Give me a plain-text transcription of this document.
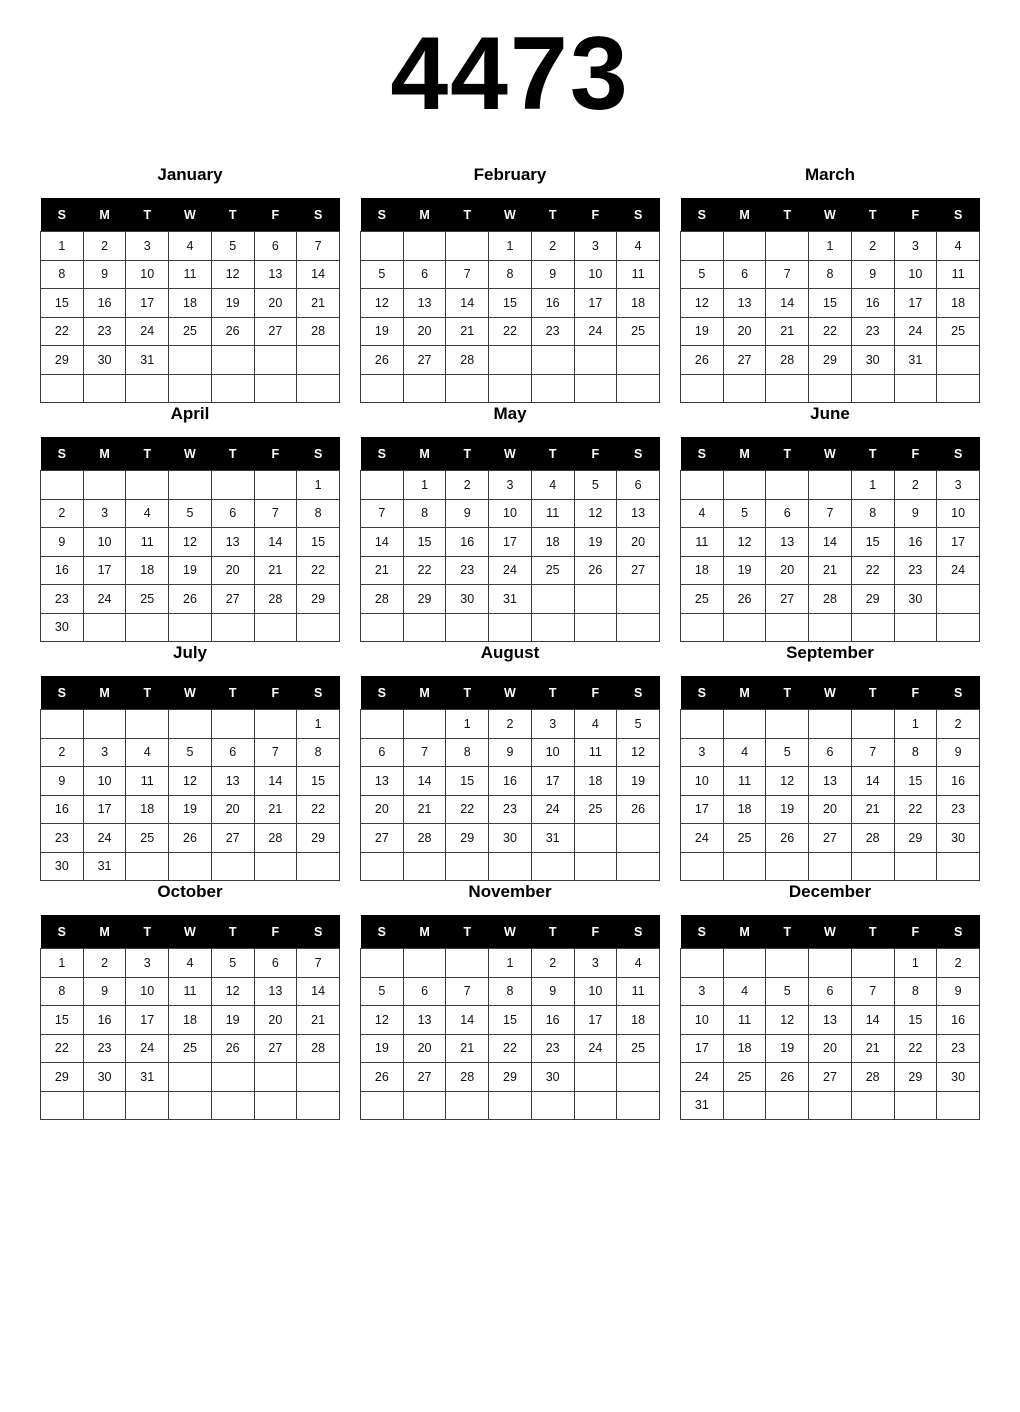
4473
January
S	M	T	W	T	F	S
1	2	3	4	5	6	7
8	9	10	11	12	13	14
15	16	17	18	19	20	21
22	23	24	25	26	27	28
29	30	31				

February
S	M	T	W	T	F	S
			1	2	3	4
5	6	7	8	9	10	11
12	13	14	15	16	17	18
19	20	21	22	23	24	25
26	27	28				

March
S	M	T	W	T	F	S
			1	2	3	4
5	6	7	8	9	10	11
12	13	14	15	16	17	18
19	20	21	22	23	24	25
26	27	28	29	30	31	

April
S	M	T	W	T	F	S
						1
2	3	4	5	6	7	8
9	10	11	12	13	14	15
16	17	18	19	20	21	22
23	24	25	26	27	28	29
30						
May
S	M	T	W	T	F	S
	1	2	3	4	5	6
7	8	9	10	11	12	13
14	15	16	17	18	19	20
21	22	23	24	25	26	27
28	29	30	31			

June
S	M	T	W	T	F	S
				1	2	3
4	5	6	7	8	9	10
11	12	13	14	15	16	17
18	19	20	21	22	23	24
25	26	27	28	29	30	

July
S	M	T	W	T	F	S
						1
2	3	4	5	6	7	8
9	10	11	12	13	14	15
16	17	18	19	20	21	22
23	24	25	26	27	28	29
30	31					
August
S	M	T	W	T	F	S
		1	2	3	4	5
6	7	8	9	10	11	12
13	14	15	16	17	18	19
20	21	22	23	24	25	26
27	28	29	30	31		

September
S	M	T	W	T	F	S
					1	2
3	4	5	6	7	8	9
10	11	12	13	14	15	16
17	18	19	20	21	22	23
24	25	26	27	28	29	30

October
S	M	T	W	T	F	S
1	2	3	4	5	6	7
8	9	10	11	12	13	14
15	16	17	18	19	20	21
22	23	24	25	26	27	28
29	30	31				

November
S	M	T	W	T	F	S
			1	2	3	4
5	6	7	8	9	10	11
12	13	14	15	16	17	18
19	20	21	22	23	24	25
26	27	28	29	30		

December
S	M	T	W	T	F	S
					1	2
3	4	5	6	7	8	9
10	11	12	13	14	15	16
17	18	19	20	21	22	23
24	25	26	27	28	29	30
31						
